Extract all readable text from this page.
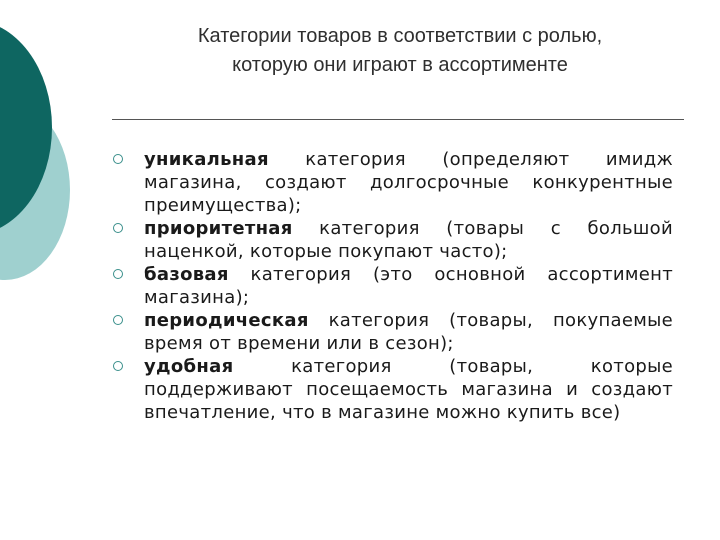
Категории товаров в соответствии с ролью,
которую они играют в ассортименте
уникальная категория (определяют имидж магазина, создают долгосрочные конкурентные преимущества);
приоритетная категория (товары с большой наценкой, которые покупают часто);
базовая категория (это основной ассортимент магазина);
периодическая категория (товары, покупаемые время от времени или в сезон);
удобная категория (товары, которые поддерживают посещаемость магазина и создают впечатление, что в магазине можно купить все)
